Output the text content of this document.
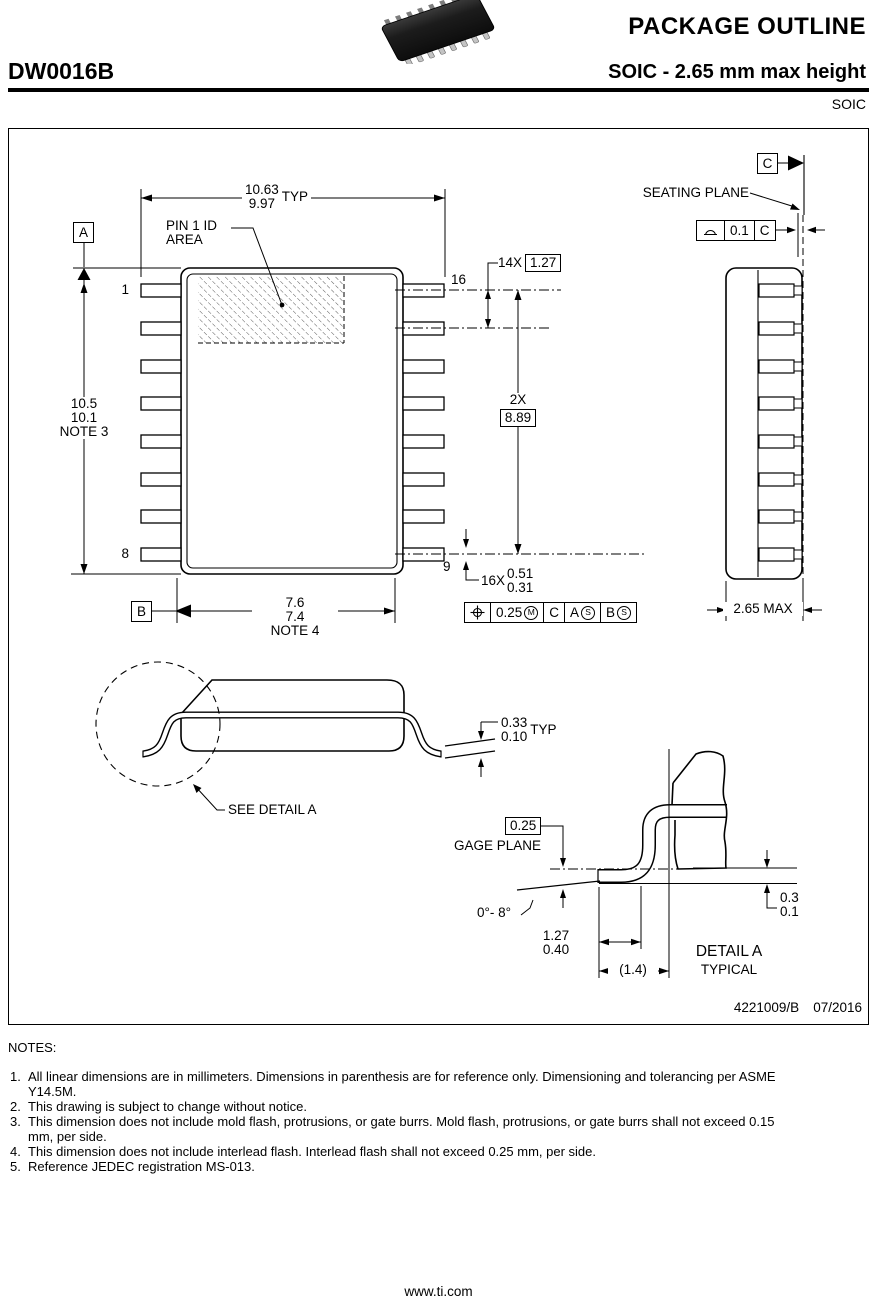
PACKAGE OUTLINE
DW0016B	SOIC - 2.65 mm max height
SOIC
10.63
9.97 TYP
PIN 1 ID
AREA
A
1
8
16
9
10.5
10.1
NOTE 3
14X 1.27
2X
8.89
16X 0.51
0.31
0.25 M	C A S	B S
B
7.6
7.4
NOTE 4
C
SEATING PLANE
0.1 C
2.65 MAX
0.33
0.10 TYP
SEE DETAIL A
0.25
GAGE PLANE
0°- 8°
1.27
0.40
(1.4)
DETAIL A
TYPICAL
0.3
0.1
4221009/B 07/2016
NOTES:
1. All linear dimensions are in millimeters. Dimensions in parenthesis are for reference only. Dimensioning and tolerancing per ASME Y14.5M.
2. This drawing is subject to change without notice.
3. This dimension does not include mold flash, protrusions, or gate burrs. Mold flash, protrusions, or gate burrs shall not exceed 0.15 mm, per side.
4. This dimension does not include interlead flash. Interlead flash shall not exceed 0.25 mm, per side.
5. Reference JEDEC registration MS-013.
www.ti.com
